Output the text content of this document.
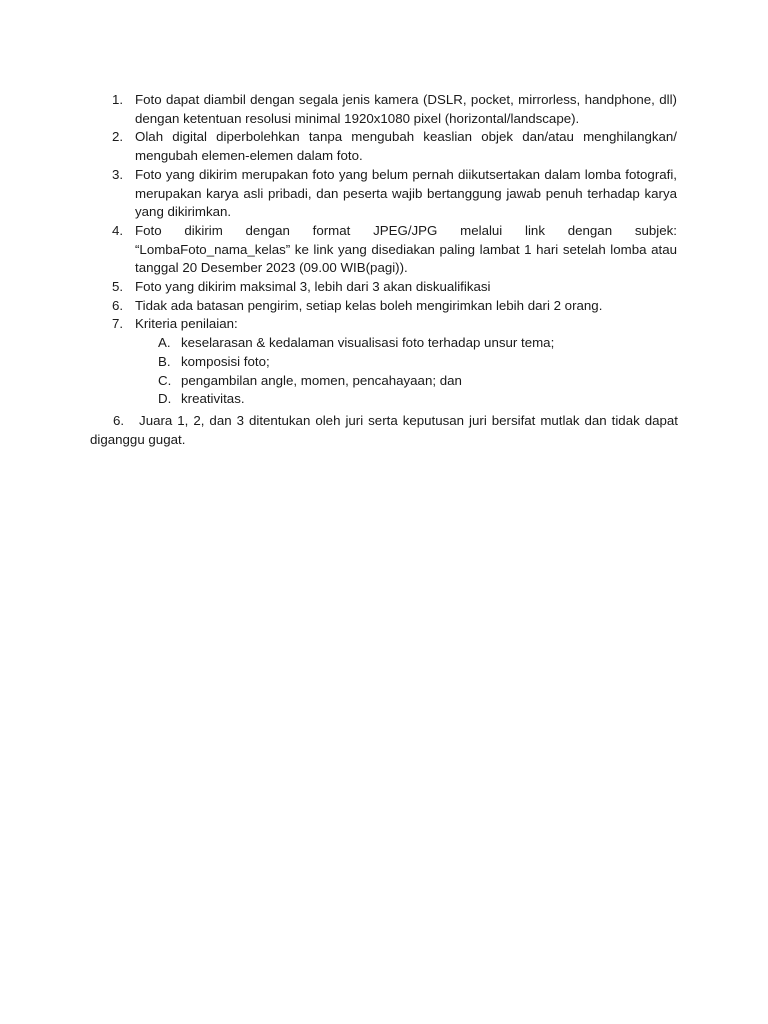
1. Foto dapat diambil dengan segala jenis kamera (DSLR, pocket, mirrorless, handphone, dll) dengan ketentuan resolusi minimal 1920x1080 pixel (horizontal/landscape).
2. Olah digital diperbolehkan tanpa mengubah keaslian objek dan/atau menghilangkan/ mengubah elemen-elemen dalam foto.
3. Foto yang dikirim merupakan foto yang belum pernah diikutsertakan dalam lomba fotografi, merupakan karya asli pribadi, dan peserta wajib bertanggung jawab penuh terhadap karya yang dikirimkan.
4. Foto dikirim dengan format JPEG/JPG melalui link dengan subjek: “LombaFoto_nama_kelas” ke link yang disediakan paling lambat 1 hari setelah lomba atau tanggal 20 Desember 2023 (09.00 WIB(pagi)).
5. Foto yang dikirim maksimal 3, lebih dari 3 akan diskualifikasi
6. Tidak ada batasan pengirim, setiap kelas boleh mengirimkan lebih dari 2 orang.
7. Kriteria penilaian:
A. keselarasan & kedalaman visualisasi foto terhadap unsur tema;
B. komposisi foto;
C. pengambilan angle, momen, pencahayaan; dan
D. kreativitas.
6. Juara 1, 2, dan 3 ditentukan oleh juri serta keputusan juri bersifat mutlak dan tidak dapat diganggu gugat.
